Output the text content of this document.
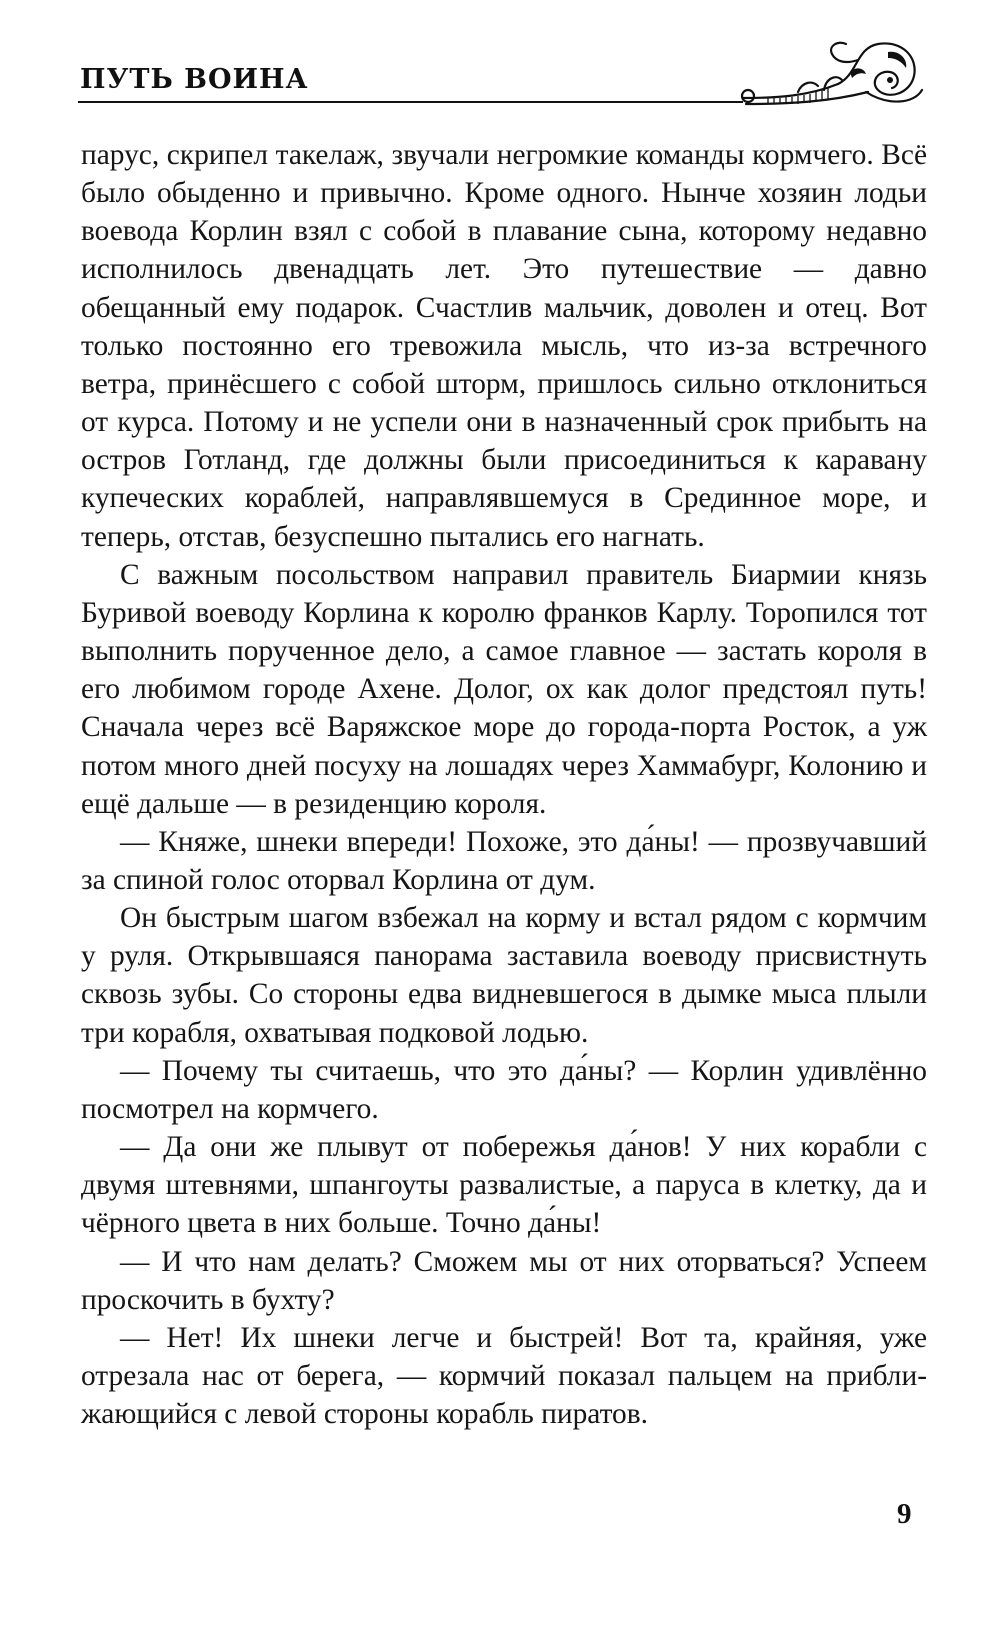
ПУТЬ ВОИНА

парус, скрипел такелаж, звучали негромкие команды кормчего. Всё было обыденно и привычно. Кроме одного. Нынче хозяин лодьи воевода Корлин взял с собой в плавание сына, которому недавно исполнилось двенадцать лет. Это путешествие — давно обещанный ему подарок. Счастлив мальчик, доволен и отец. Вот только постоянно его тревожила мысль, что из-за встречного ветра, принёсшего с собой шторм, пришлось сильно отклониться от курса. Потому и не успели они в назначенный срок прибыть на остров Готланд, где должны были присоединиться к каравану купеческих кораблей, направлявшемуся в Срединное море, и теперь, отстав, безуспешно пытались его нагнать.

С важным посольством направил правитель Биармии князь Буривой воеводу Корлина к королю франков Карлу. Торопился тот выполнить порученное дело, а самое главное — застать короля в его любимом городе Ахене. Долог, ох как долог предстоял путь! Сначала через всё Варяжское море до города-порта Росток, а уж потом много дней посуху на лошадях через Хаммабург, Колонию и ещё дальше — в резиденцию короля.

— Княже, шнеки впереди! Похоже, это да́ны! — прозвучавший за спиной голос оторвал Корлина от дум.

Он быстрым шагом взбежал на корму и встал рядом с кормчим у руля. Открывшаяся панорама заставила воеводу присвистнуть сквозь зубы. Со стороны едва видневшегося в дымке мыса плыли три корабля, охватывая подковой лодью.

— Почему ты считаешь, что это да́ны? — Корлин удивлённо посмотрел на кормчего.

— Да они же плывут от побережья да́нов! У них корабли с двумя штевнями, шпангоуты развалистые, а паруса в клетку, да и чёрного цвета в них больше. Точно да́ны!

— И что нам делать? Сможем мы от них оторваться? Успеем проскочить в бухту?

— Нет! Их шнеки легче и быстрей! Вот та, крайняя, уже отрезала нас от берега, — кормчий показал пальцем на приближающийся с левой стороны корабль пиратов.

9
